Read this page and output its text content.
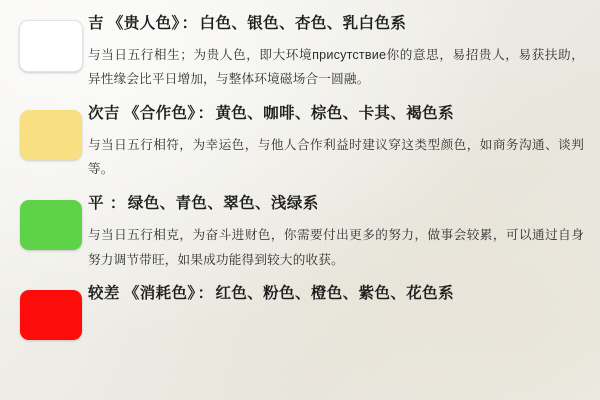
吉 《贵人色》 ： 白色、银色、杏色、乳白色系
与当日五行相生；为贵人色，即大环境присутствие你的意思，易招贵人，易获扶助，异性缘会比平日增加，与整体环境磁场合一圆融。
次吉 《合作色》 ： 黄色、咖啡、棕色、卡其、褐色系
与当日五行相符，为幸运色，与他人合作利益时建议穿这类型颜色，如商务沟通、谈判等。
平 ： 绿色、青色、翠色、浅绿系
与当日五行相克，为奋斗进财色，你需要付出更多的努力，做事会较累，可以通过自身努力调节带旺，如果成功能得到较大的收获。
较差 《消耗色》 ： 红色、粉色、橙色、紫色、花色系
